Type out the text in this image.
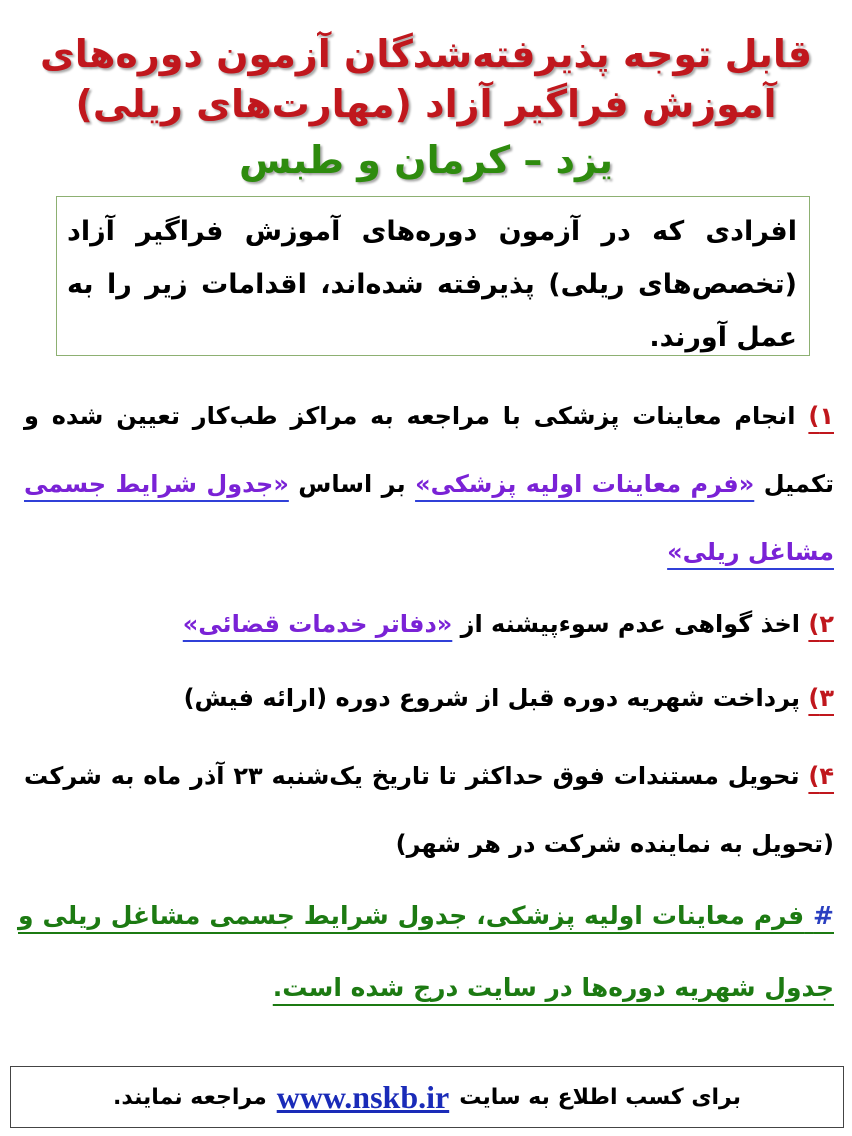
قابل توجه پذیرفته‌شدگان آزمون دوره‌های
آموزش فراگیر آزاد (مهارت‌های ریلی)
یزد – کرمان و طبس
افرادی که در آزمون دوره‌های آموزش فراگیر آزاد (تخصص‌های ریلی) پذیرفته شده‌اند، اقدامات زیر را به عمل آورند.
۱) انجام معاینات پزشکی با مراجعه به مراکز طب‌کار تعیین شده و تکمیل «فرم معاینات اولیه پزشکی» بر اساس «جدول شرایط جسمی مشاغل ریلی»
۲) اخذ گواهی عدم سوءپیشنه از «دفاتر خدمات قضائی»
۳) پرداخت شهریه دوره قبل از شروع دوره (ارائه فیش)
۴) تحویل مستندات فوق حداکثر تا تاریخ یک‌شنبه ۲۳ آذر ماه به شرکت (تحویل به نماینده شرکت در هر شهر)
# فرم معاینات اولیه پزشکی، جدول شرایط جسمی مشاغل ریلی و جدول شهریه دوره‌ها در سایت درج شده است.
برای کسب اطلاع به سایت
www.nskb.ir
مراجعه نمایند.
